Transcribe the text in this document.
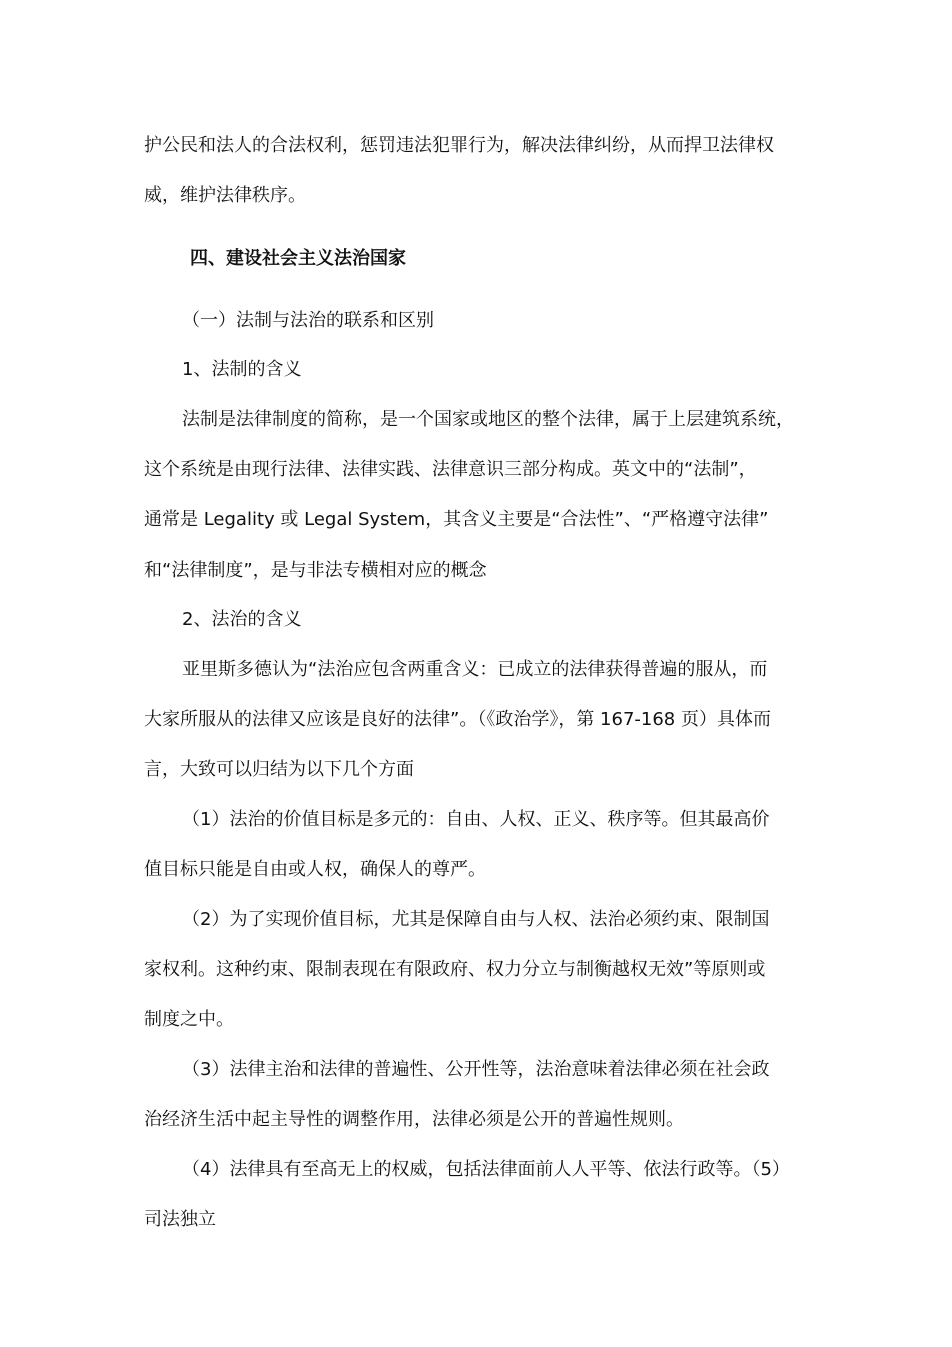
护公民和法人的合法权利，惩罚违法犯罪行为，解决法律纠纷，从而捍卫法律权

威，维护法律秩序。

四、建设社会主义法治国家

（一）法制与法治的联系和区别

1、法制的含义

法制是法律制度的简称，是一个国家或地区的整个法律，属于上层建筑系统，

这个系统是由现行法律、法律实践、法律意识三部分构成。英文中的“法制”，

通常是 Legality 或 Legal System，其含义主要是“合法性”、“严格遵守法律”

和“法律制度”，是与非法专横相对应的概念

2、法治的含义

亚里斯多德认为“法治应包含两重含义：已成立的法律获得普遍的服从，而

大家所服从的法律又应该是良好的法律”。（《政治学》，第 167-168 页）具体而

言，大致可以归结为以下几个方面

（1）法治的价值目标是多元的：自由、人权、正义、秩序等。但其最高价

值目标只能是自由或人权，确保人的尊严。

（2）为了实现价值目标，尤其是保障自由与人权、法治必须约束、限制国

家权利。这种约束、限制表现在有限政府、权力分立与制衡越权无效”等原则或

制度之中。

（3）法律主治和法律的普遍性、公开性等，法治意味着法律必须在社会政

治经济生活中起主导性的调整作用，法律必须是公开的普遍性规则。

（4）法律具有至高无上的权威，包括法律面前人人平等、依法行政等。（5）

司法独立
